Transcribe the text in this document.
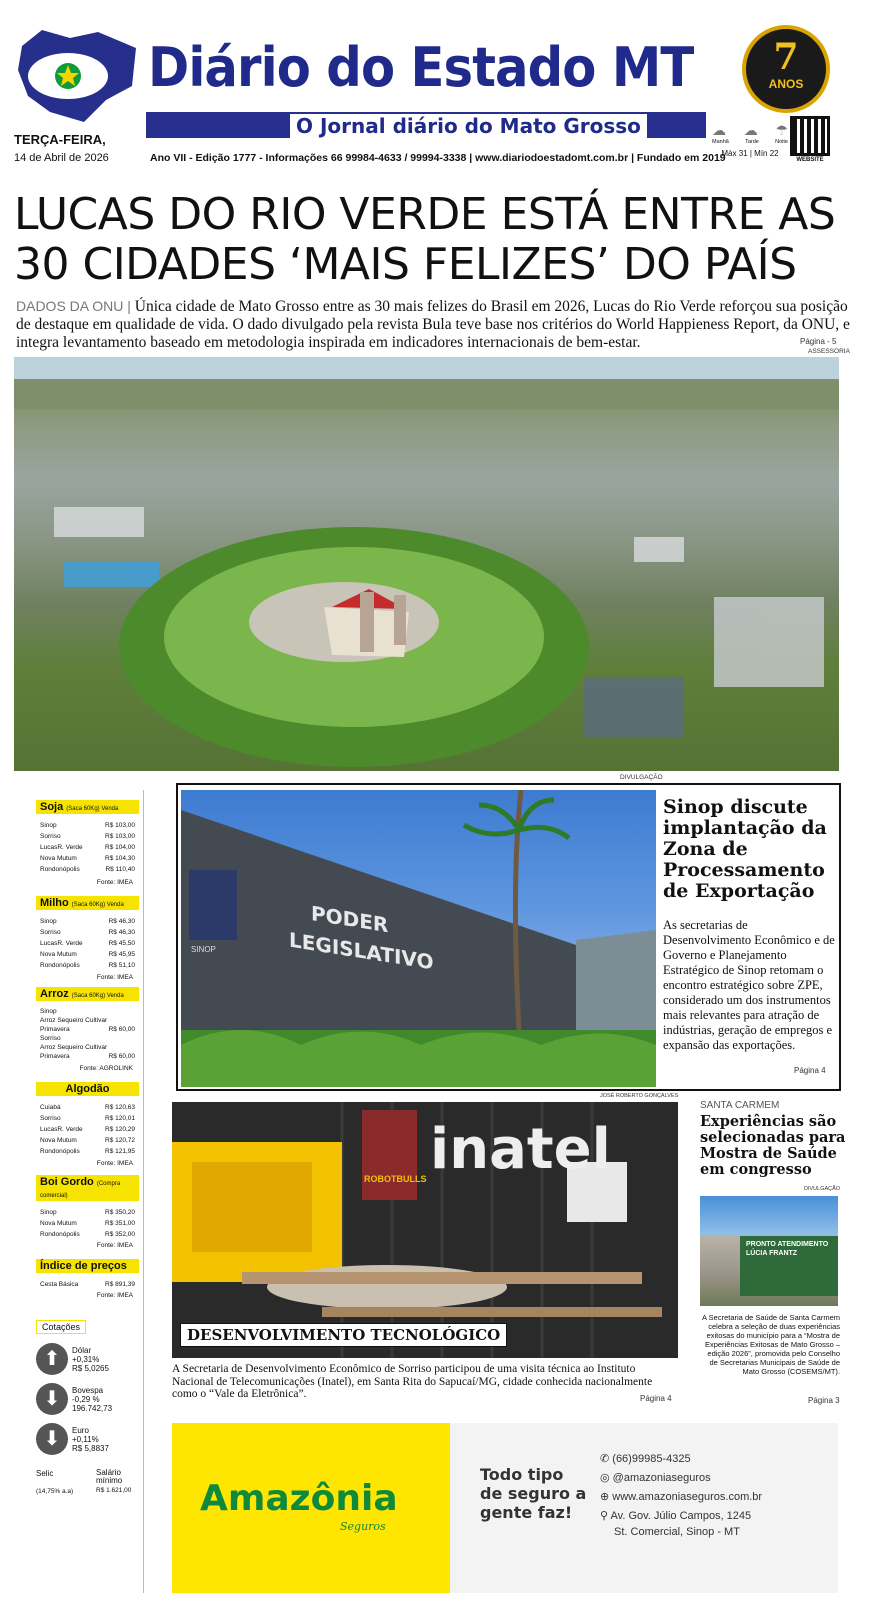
Diário do Estado MT
O Jornal diário do Mato Grosso
TERÇA-FEIRA,
14 de Abril de 2026	Ano VII - Edição 1777 - Informações 66 99984-4633 / 99994-3338 | www.diariodoestadomt.com.br | Fundado em 2019
7
ANOS
☁ ☁ ☂
Manhã	Tarde	Noite
Máx 31 | Mín 22
WEBSITE
LUCAS DO RIO VERDE ESTÁ ENTRE AS 30 CIDADES ‘MAIS FELIZES’ DO PAÍS
DADOS DA ONU | Única cidade de Mato Grosso entre as 30 mais felizes do Brasil em 2026, Lucas do Rio Verde reforçou sua posição de destaque em qualidade de vida. O dado divulgado pela revista Bula teve base nos critérios do World Happieness Report, da ONU, e integra levantamento baseado em metodologia inspirada em indicadores internacionais de bem-estar.	Página - 5
ASSESSORIA
DIVULGAÇÃO
Soja (Saca 60Kg) Venda
Sinop	R$ 103,00
Sorriso	R$ 103,00
LucasR. Verde	R$ 104,00
Nova Mutum	R$ 104,30
Rondonópolis	R$ 110,40
Fonte: IMEA
Milho (Saca 60Kg) Venda
Sinop	R$ 46,30
Sorriso	R$ 46,30
LucasR. Verde	R$ 45,50
Nova Mutum	R$ 45,95
Rondonópolis	R$ 51,10
Fonte: IMEA
Arroz (Saca 60Kg) Venda
Sinop
Arroz Sequeiro Cultivar
Primavera	R$ 60,00
Sorriso
Arroz Sequeiro Cultivar
Primavera	R$ 60,00
Fonte: AGROLINK
Algodão
Cuiabá	R$ 120,63
Sorriso	R$ 120,01
LucasR. Verde	R$ 120,29
Nova Mutum	R$ 120,72
Rondonópolis	R$ 121,95
Fonte: IMEA
Boi Gordo (Compra comercial)
Sinop	R$ 350,20
Nova Mutum	R$ 351,00
Rondonópolis	R$ 352,00
Fonte: IMEA
Índice de preços
Cesta Básica	R$ 891,39
Fonte: IMEA
Cotações
⬆	Dólar
+0,31%
R$ 5,0265
⬇	Bovespa
-0,29 %
196.742,73
⬇	Euro
+0,11%
R$ 5,8837
Selic
(14,75% a.a)
Salário mínimo
R$ 1.621,00
PODER
LEGISLATIVO
SINOP
Sinop discute implantação da Zona de Processamento de Exportação
As secretarias de Desenvolvimento Econômico e de Governo e Planejamento Estratégico de Sinop retomam o encontro estratégico sobre ZPE, considerado um dos instrumentos mais relevantes para atração de indústrias, geração de empregos e expansão das exportações.
Página 4
JOSÉ ROBERTO GONÇALVES
inatel
ROBOTBULLS
DESENVOLVIMENTO TECNOLÓGICO
A Secretaria de Desenvolvimento Econômico de Sorriso participou de uma visita técnica ao Instituto Nacional de Telecomunicações (Inatel), em Santa Rita do Sapucaí/MG, cidade conhecida nacionalmente como o “Vale da Eletrônica”.	Página 4
SANTA CARMEM
Experiências são selecionadas para Mostra de Saúde em congresso
DIVULGAÇÃO
PRONTO ATENDIMENTO LÚCIA FRANTZ
A Secretaria de Saúde de Santa Carmem celebra a seleção de duas experiências exitosas do município para a “Mostra de Experiências Exitosas de Mato Grosso – edição 2026”, promovida pelo Conselho de Secretarias Municipais de Saúde de Mato Grosso (COSEMS/MT).
Página 3
Amazônia
Seguros
Todo tipo de seguro a gente faz!
✆ (66)99985-4325
◎ @amazoniaseguros
⊕ www.amazoniaseguros.com.br
⚲ Av. Gov. Júlio Campos, 1245
St. Comercial, Sinop - MT
